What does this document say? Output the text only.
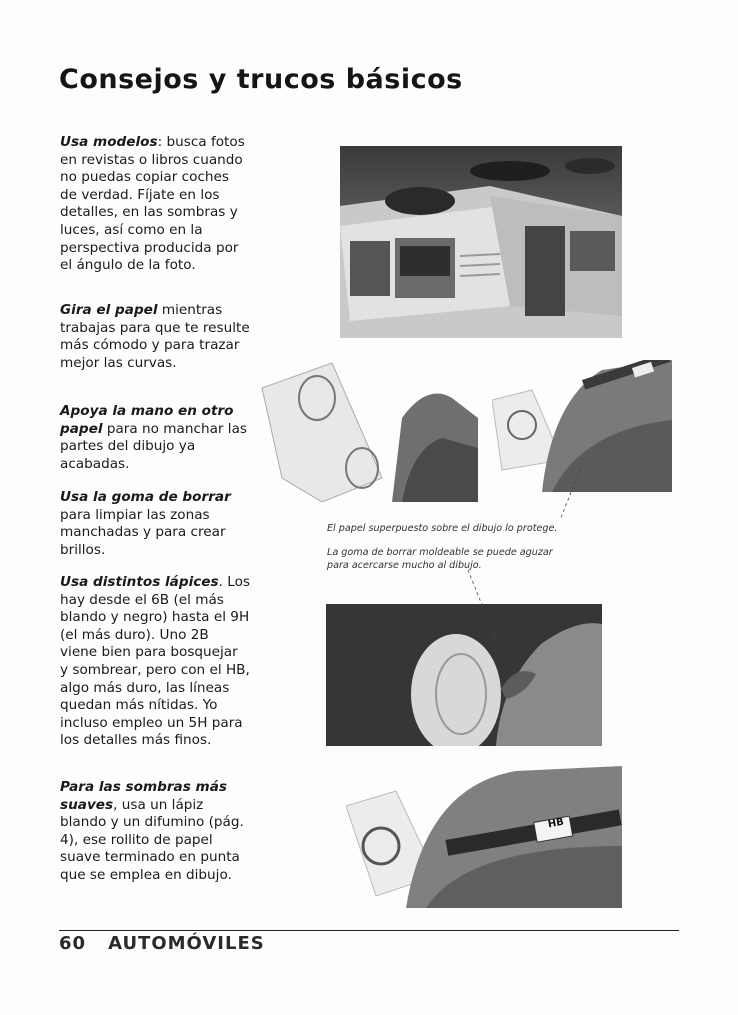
Consejos y trucos básicos

Usa modelos: busca fotos en revistas o libros cuando no puedas copiar coches de verdad. Fíjate en los detalles, en las sombras y luces, así como en la perspectiva producida por el ángulo de la foto.

Gira el papel mientras trabajas para que te resulte más cómodo y para trazar mejor las curvas.

Apoya la mano en otro papel para no manchar las partes del dibujo ya acabadas.

Usa la goma de borrar para limpiar las zonas manchadas y para crear brillos.

Usa distintos lápices. Los hay desde el 6B (el más blando y negro) hasta el 9H (el más duro). Uno 2B viene bien para bosquejar y sombrear, pero con el HB, algo más duro, las líneas quedan más nítidas. Yo incluso empleo un 5H para los detalles más finos.

Para las sombras más suaves, usa un lápiz blando y un difumino (pág. 4), ese rollito de papel suave terminado en punta que se emplea en dibujo.

El papel superpuesto sobre el dibujo lo protege.

La goma de borrar moldeable se puede aguzar para acercarse mucho al dibujo.

HB
60 AUTOMÓVILES
